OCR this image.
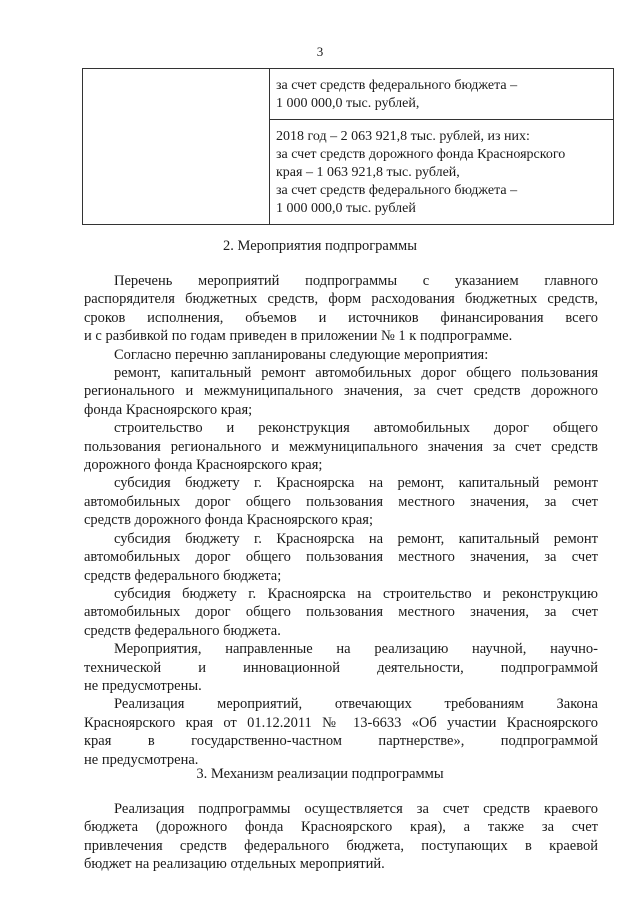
3

за счет средств федерального бюджета –
1 000 000,0 тыс. рублей,

2018 год – 2 063 921,8 тыс. рублей, из них:
за счет средств дорожного фонда Красноярского
края – 1 063 921,8 тыс. рублей,
за счет средств федерального бюджета –
1 000 000,0 тыс. рублей
2. Мероприятия подпрограммы
Перечень мероприятий подпрограммы с указанием главного
распорядителя бюджетных средств, форм расходования бюджетных средств,
сроков исполнения, объемов и источников финансирования всего
и с разбивкой по годам приведен в приложении № 1 к подпрограмме.
Согласно перечню запланированы следующие мероприятия:
ремонт, капитальный ремонт автомобильных дорог общего пользования
регионального и межмуниципального значения, за счет средств дорожного
фонда Красноярского края;
строительство и реконструкция автомобильных дорог общего
пользования регионального и межмуниципального значения за счет средств
дорожного фонда Красноярского края;
субсидия бюджету г. Красноярска на ремонт, капитальный ремонт
автомобильных дорог общего пользования местного значения, за счет
средств дорожного фонда Красноярского края;
субсидия бюджету г. Красноярска на ремонт, капитальный ремонт
автомобильных дорог общего пользования местного значения, за счет
средств федерального бюджета;
субсидия бюджету г. Красноярска на строительство и реконструкцию
автомобильных дорог общего пользования местного значения, за счет
средств федерального бюджета.
Мероприятия, направленные на реализацию научной, научно-
технической и инновационной деятельности, подпрограммой
не предусмотрены.
Реализация мероприятий, отвечающих требованиям Закона
Красноярского края от 01.12.2011 № 13-6633 «Об участии Красноярского
края в государственно-частном партнерстве», подпрограммой
не предусмотрена.
3. Механизм реализации подпрограммы
Реализация подпрограммы осуществляется за счет средств краевого
бюджета (дорожного фонда Красноярского края), а также за счет
привлечения средств федерального бюджета, поступающих в краевой
бюджет на реализацию отдельных мероприятий.
